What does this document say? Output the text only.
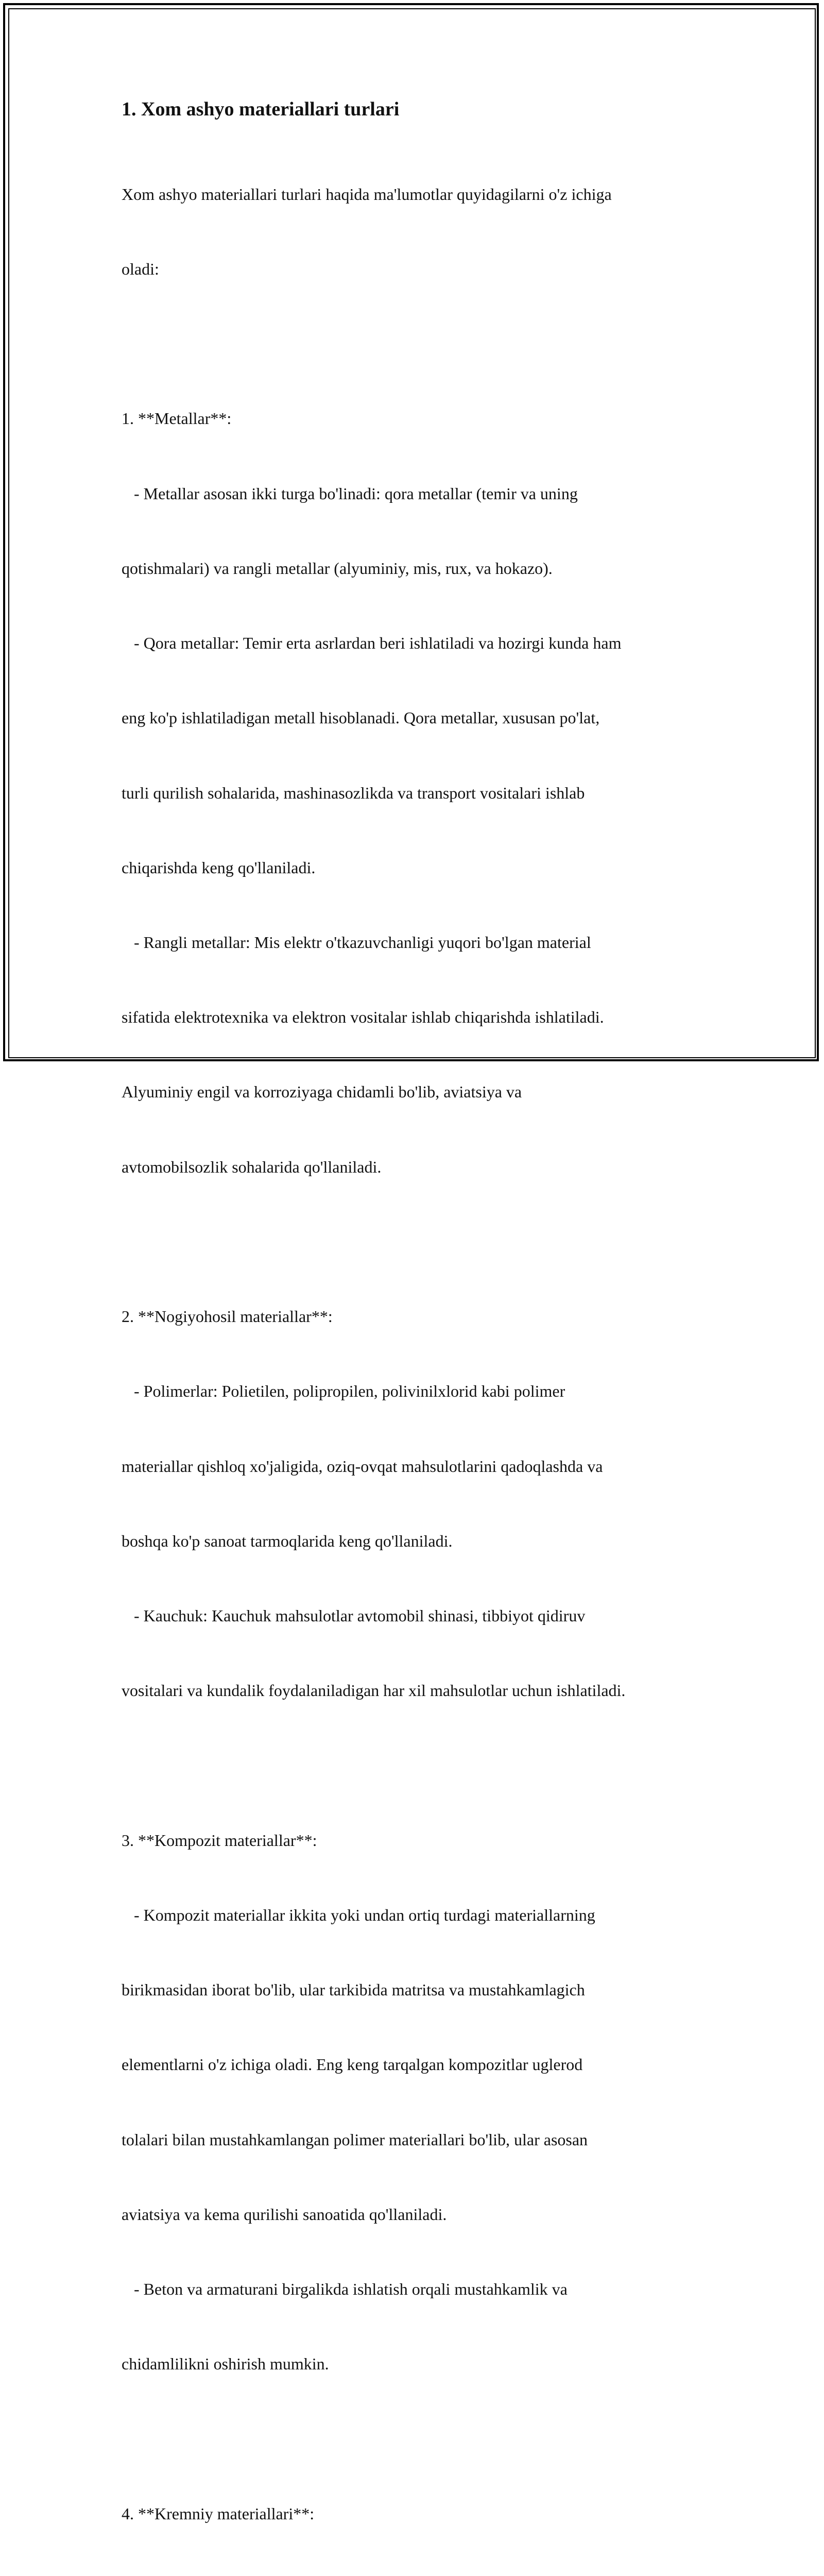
1. Xom ashyo materiallari turlari

Xom ashyo materiallari turlari haqida ma'lumotlar quyidagilarni o'z ichiga

oladi:

1. **Metallar**:

- Metallar asosan ikki turga bo'linadi: qora metallar (temir va uning

qotishmalari) va rangli metallar (alyuminiy, mis, rux, va hokazo).

- Qora metallar: Temir erta asrlardan beri ishlatiladi va hozirgi kunda ham

eng ko'p ishlatiladigan metall hisoblanadi. Qora metallar, xususan po'lat,

turli qurilish sohalarida, mashinasozlikda va transport vositalari ishlab

chiqarishda keng qo'llaniladi.

- Rangli metallar: Mis elektr o'tkazuvchanligi yuqori bo'lgan material

sifatida elektrotexnika va elektron vositalar ishlab chiqarishda ishlatiladi.

Alyuminiy engil va korroziyaga chidamli bo'lib, aviatsiya va

avtomobilsozlik sohalarida qo'llaniladi.

2. **Nogiyohosil materiallar**:

- Polimerlar: Polietilen, polipropilen, polivinilxlorid kabi polimer

materiallar qishloq xo'jaligida, oziq-ovqat mahsulotlarini qadoqlashda va

boshqa ko'p sanoat tarmoqlarida keng qo'llaniladi.

- Kauchuk: Kauchuk mahsulotlar avtomobil shinasi, tibbiyot qidiruv

vositalari va kundalik foydalaniladigan har xil mahsulotlar uchun ishlatiladi.

3. **Kompozit materiallar**:

- Kompozit materiallar ikkita yoki undan ortiq turdagi materiallarning

birikmasidan iborat bo'lib, ular tarkibida matritsa va mustahkamlagich

elementlarni o'z ichiga oladi. Eng keng tarqalgan kompozitlar uglerod

tolalari bilan mustahkamlangan polimer materiallari bo'lib, ular asosan

aviatsiya va kema qurilishi sanoatida qo'llaniladi.

- Beton va armaturani birgalikda ishlatish orqali mustahkamlik va

chidamlilikni oshirish mumkin.

4. **Kremniy materiallari**:
